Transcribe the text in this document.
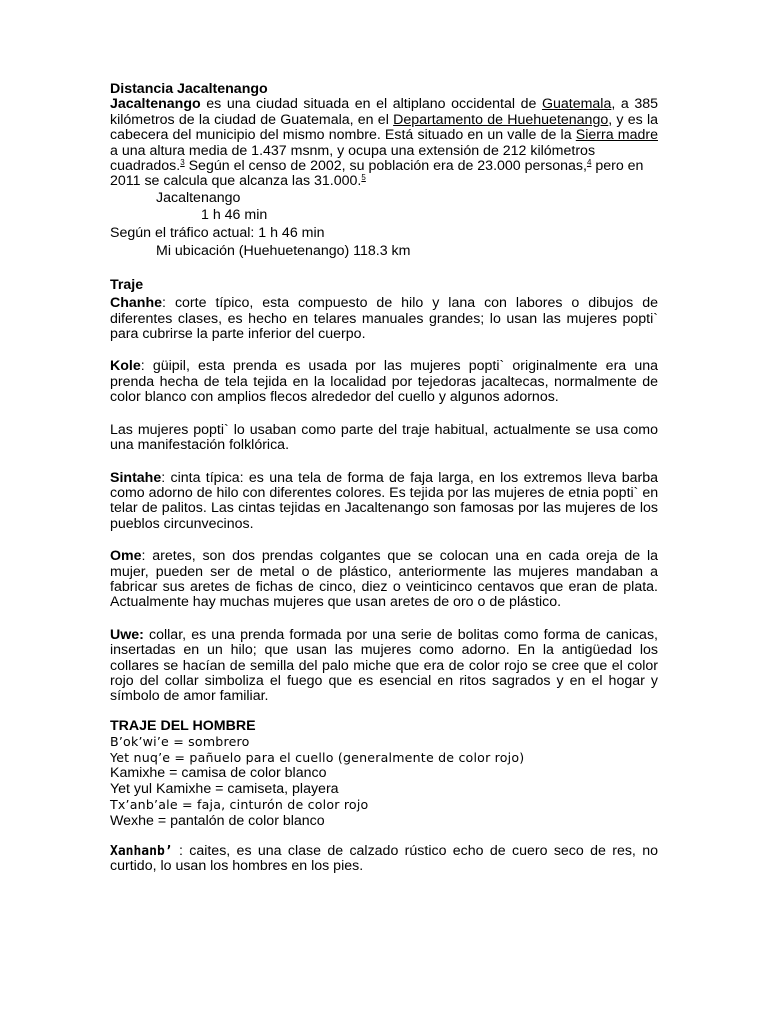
Distancia Jacaltenango
Jacaltenango es una ciudad situada en el altiplano occidental de Guatemala, a 385
kilómetros de la ciudad de Guatemala, en el Departamento de Huehuetenango, y es la
cabecera del municipio del mismo nombre. Está situado en un valle de la Sierra madre
a una altura media de 1.437 msnm, y ocupa una extensión de 212 kilómetros
cuadrados.$^3$ Según el censo de 2002, su población era de 23.000 personas,$^4$ pero en
2011 se calcula que alcanza las 31.000.$^5$
Jacaltenango
1 h 46 min
Según el tráfico actual: 1 h 46 min
Mi ubicación (Huehuetenango) 118.3 km
Traje
Chanhe: corte típico, esta compuesto de hilo y lana con labores o dibujos de
diferentes clases, es hecho en telares manuales grandes; lo usan las mujeres popti`
para cubrirse la parte inferior del cuerpo.
Kole: güipil, esta prenda es usada por las mujeres popti` originalmente era una
prenda hecha de tela tejida en la localidad por tejedoras jacaltecas, normalmente de
color blanco con amplios flecos alrededor del cuello y algunos adornos.
Las mujeres popti` lo usaban como parte del traje habitual, actualmente se usa como
una manifestación folklórica.
Sintahe: cinta típica: es una tela de forma de faja larga, en los extremos lleva barba
como adorno de hilo con diferentes colores. Es tejida por las mujeres de etnia popti` en
telar de palitos. Las cintas tejidas en Jacaltenango son famosas por las mujeres de los
pueblos circunvecinos.
Ome: aretes, son dos prendas colgantes que se colocan una en cada oreja de la
mujer, pueden ser de metal o de plástico, anteriormente las mujeres mandaban a
fabricar sus aretes de fichas de cinco, diez o veinticinco centavos que eran de plata.
Actualmente hay muchas mujeres que usan aretes de oro o de plástico.
Uwe: collar, es una prenda formada por una serie de bolitas como forma de canicas,
insertadas en un hilo; que usan las mujeres como adorno. En la antigüedad los
collares se hacían de semilla del palo miche que era de color rojo se cree que el color
rojo del collar simboliza el fuego que es esencial en ritos sagrados y en el hogar y
símbolo de amor familiar.
TRAJE DEL HOMBRE
B’ok’wi’e = sombrero
Yet nuq’e = pañuelo para el cuello (generalmente de color rojo)
Kamixhe = camisa de color blanco
Yet yul Kamixhe = camiseta, playera
Tx’anb’ale = faja, cinturón de color rojo
Wexhe = pantalón de color blanco
Xanhanb’ : caites, es una clase de calzado rústico echo de cuero seco de res, no
curtido, lo usan los hombres en los pies.
